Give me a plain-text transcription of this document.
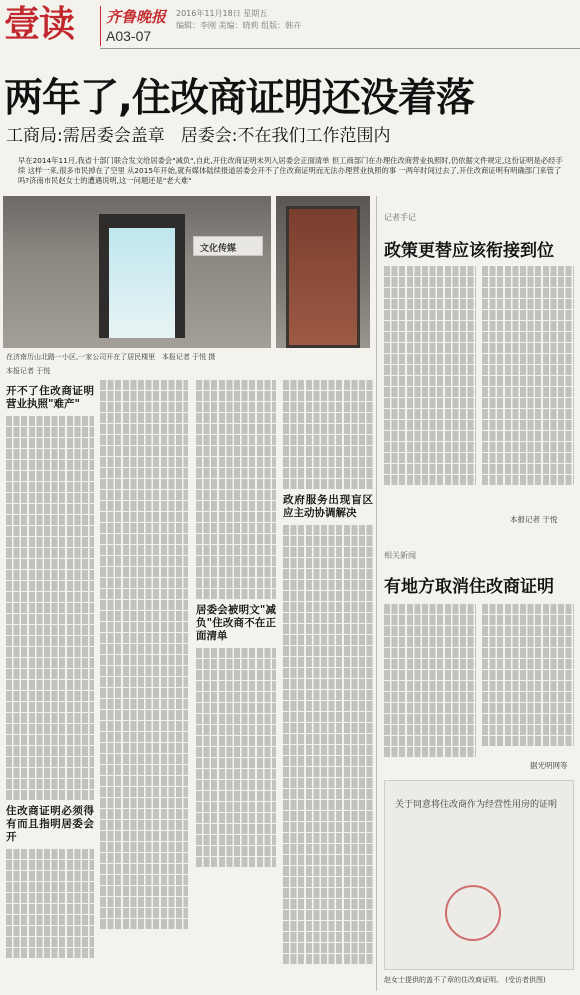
壹读 齐鲁晚报
A03-07
2016年11月18日 星期五
编辑：李刚 美编：晓莉 组版：韩卉
两年了,住改商证明还没着落
工商局:需居委会盖章 居委会:不在我们工作范围内
早在2014年11月,我省十部门联合发文给居委会"减负",自此,开住改商证明未列入居委会正面清单 但工商部门在办理住改商营业执照时,仍依据文件规定,这份证明是必经手续 这样一来,很多市民掉在了空里 从2015年开始,就有媒体陆续报道居委会开不了住改商证明而无法办理营业执照的事 一两年时间过去了,开住改商证明有明确部门来管了吗?济南市民赵女士的遭遇说明,这一问题还是"老大难"
文化传媒
在济南历山北路一小区,一家公司开在了居民楼里 本报记者 于悦 摄
本报记者 于悦
开不了住改商证明营业执照"难产"
住改商证明必须得有而且指明居委会开
居委会被明文"减负"住改商不在正面清单
政府服务出现盲区应主动协调解决
记者手记
政策更替应该衔接到位
本报记者 于悦
相关新闻
有地方取消住改商证明
据光明网等
关于同意将住改商作为经营性用房的证明
赵女士提供的盖不了章的住改商证明。 (受访者供图)
